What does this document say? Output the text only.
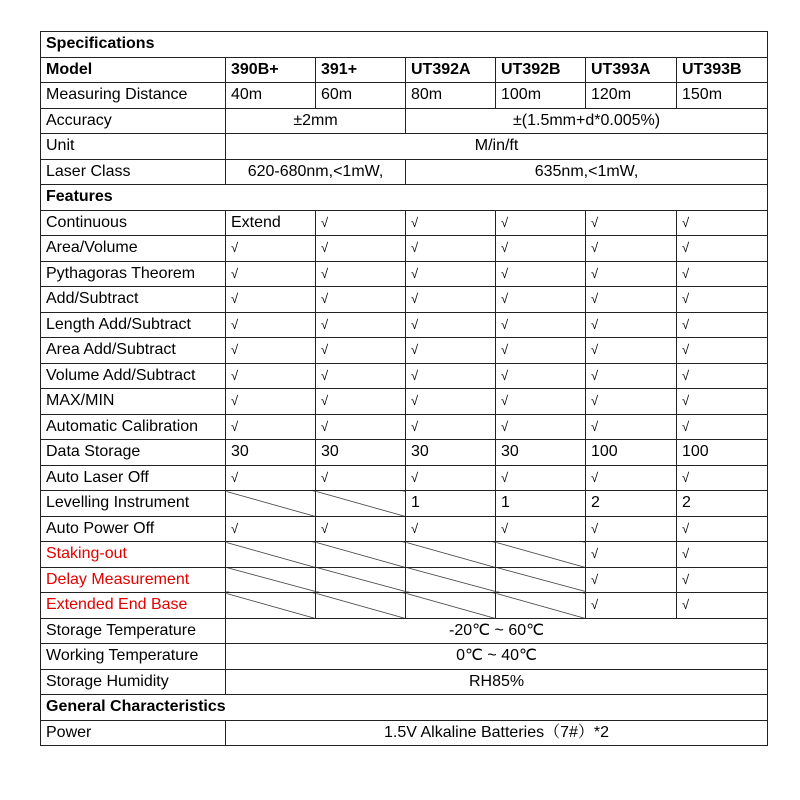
Specifications						
Model	390B+	391+	UT392A	UT392B	UT393A	UT393B
Measuring Distance	40m	60m	80m	100m	120m	150m
Accuracy	±2mm		±(1.5mm+d*0.005%)			
Unit	M/in/ft					
Laser Class	620-680nm,<1mW,		635nm,<1mW,			
Features						
Continuous	Extend	√	√	√	√	√
Area/Volume	√	√	√	√	√	√
Pythagoras Theorem	√	√	√	√	√	√
Add/Subtract	√	√	√	√	√	√
Length Add/Subtract	√	√	√	√	√	√
Area Add/Subtract	√	√	√	√	√	√
Volume Add/Subtract	√	√	√	√	√	√
MAX/MIN	√	√	√	√	√	√
Automatic Calibration	√	√	√	√	√	√
Data Storage	30	30	30	30	100	100
Auto Laser Off	√	√	√	√	√	√
Levelling Instrument			1	1	2	2
Auto Power Off	√	√	√	√	√	√
Staking-out					√	√
Delay Measurement					√	√
Extended End Base					√	√
Storage Temperature	-20℃ ~ 60℃					
Working Temperature	0℃ ~ 40℃					
Storage Humidity	RH85%					
General Characteristics						
Power	1.5V Alkaline Batteries（7#）*2					
